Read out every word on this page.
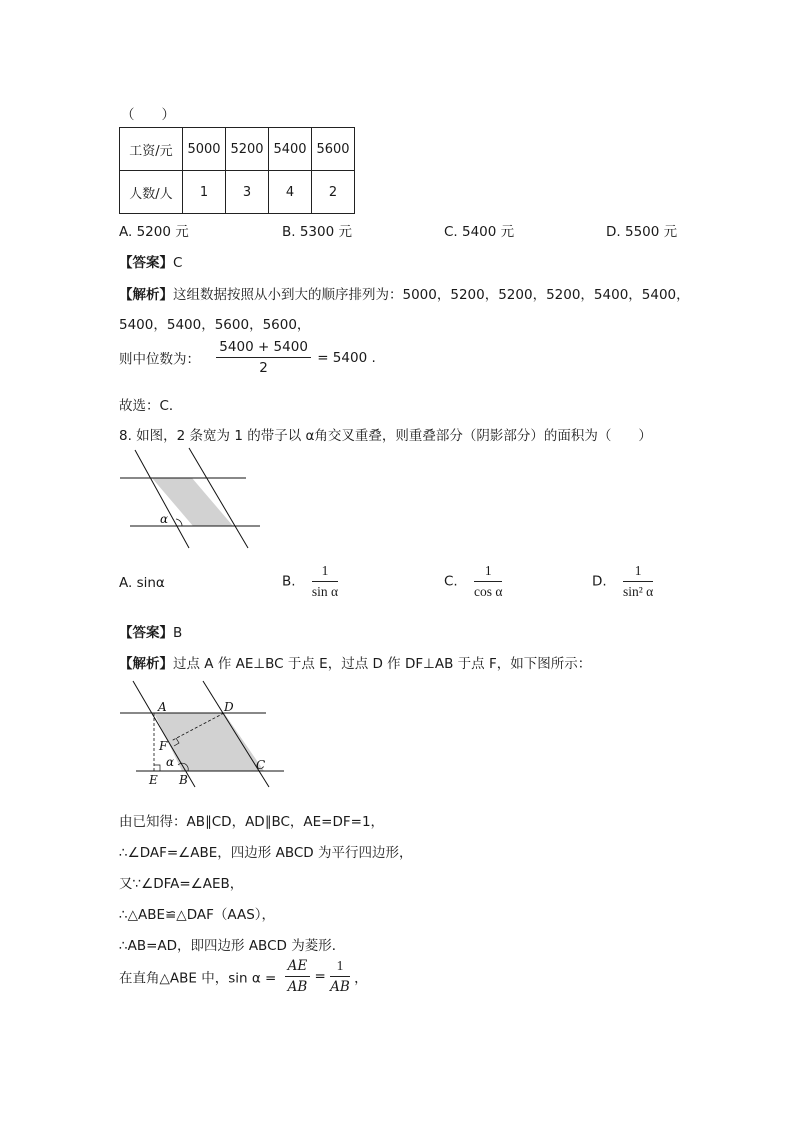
（　　）
工资/元	5000	5200	5400	5600
人数/人	1	3	4	2
A. 5200 元	B. 5300 元	C. 5400 元	D. 5500 元
【答案】C
【解析】这组数据按照从小到大的顺序排列为：5000，5200，5200，5200，5400，5400，
5400，5400，5600，5600，
则中位数为： $\frac{5400 + 5400}{2} = 5400$ .
故选：C．
8. 如图，2 条宽为 1 的带子以 α角交叉重叠，则重叠部分（阴影部分）的面积为（　　）
α
A. sinα	B. $\frac{1}{\text{sin α}}$	C. $\frac{1}{\text{cos α}}$	D. $\frac{1}{\text{sin² α}}$
【答案】B
【解析】过点 A 作 AE⊥BC 于点 E，过点 D 作 DF⊥AB 于点 F，如下图所示：
A	D
F
E B
C
α
由已知得：AB∥CD，AD∥BC，AE=DF=1，
∴∠DAF=∠ABE，四边形 ABCD 为平行四边形，
又∵∠DFA=∠AEB，
∴△ABE≌△DAF（AAS），
∴AB=AD，即四边形 ABCD 为菱形．
在直角△ABE 中，$\sin \alpha = \frac{AE}{AB} = \frac{1}{AB}$ ，
